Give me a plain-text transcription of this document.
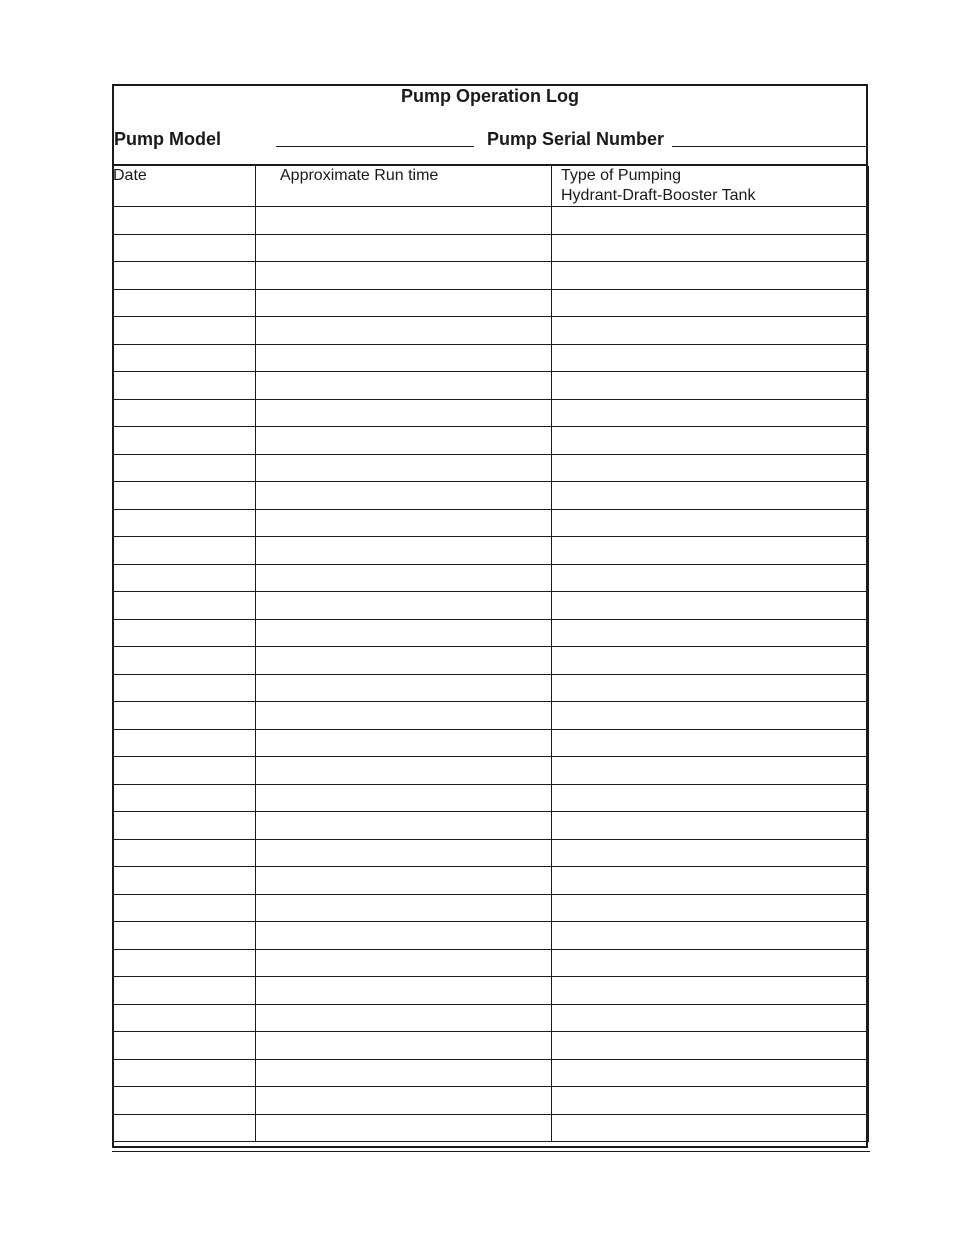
Pump Operation Log
Pump Model	Pump Serial Number
Date	Approximate Run time	Type of Pumping
Hydrant-Draft-Booster Tank
